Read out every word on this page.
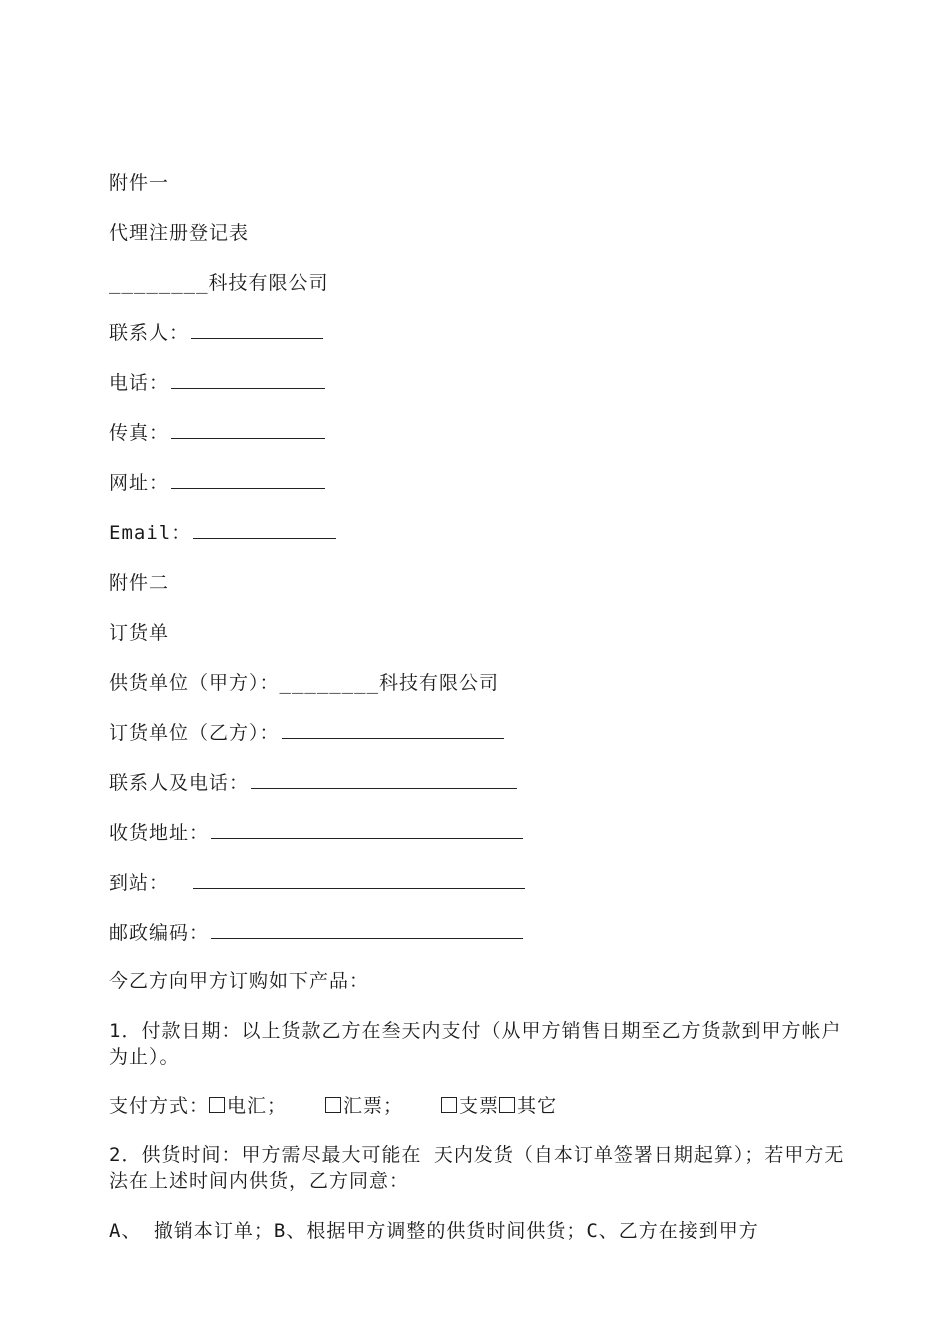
附件一
代理注册登记表
________科技有限公司
联系人：
电话：
传真：
网址：
Email：
附件二
订货单
供货单位（甲方）：________科技有限公司
订货单位（乙方）：
联系人及电话：
收货地址：
到站：
邮政编码：
今乙方向甲方订购如下产品：
1．付款日期：以上货款乙方在叁天内支付（从甲方销售日期至乙方货款到甲方帐户为止）。
支付方式： 电汇；	汇票；	支票 其它
2．供货时间：甲方需尽最大可能在 天内发货（自本订单签署日期起算）；若甲方无法在上述时间内供货，乙方同意：
A、 撤销本订单；B、根据甲方调整的供货时间供货；C、乙方在接到甲方
